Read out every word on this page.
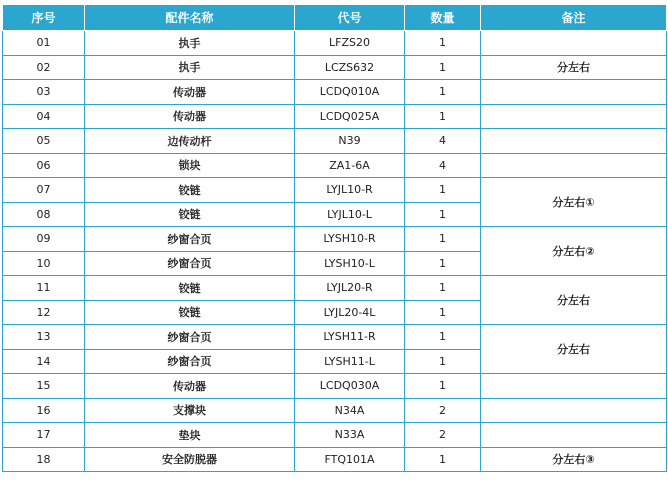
序号	配件名称	代号	数量	备注
01	执手	LFZS20	1	
02	执手	LCZS632	1	分左右
03	传动器	LCDQ010A	1	
04	传动器	LCDQ025A	1	
05	边传动杆	N39	4	
06	锁块	ZA1-6A	4	
07	铰链	LYJL10-R	1	分左右①
08	铰链	LYJL10-L	1	
09	纱窗合页	LYSH10-R	1	分左右②
10	纱窗合页	LYSH10-L	1	
11	铰链	LYJL20-R	1	分左右
12	铰链	LYJL20-4L	1	
13	纱窗合页	LYSH11-R	1	分左右
14	纱窗合页	LYSH11-L	1	
15	传动器	LCDQ030A	1	
16	支撑块	N34A	2	
17	垫块	N33A	2	
18	安全防脱器	FTQ101A	1	分左右③
